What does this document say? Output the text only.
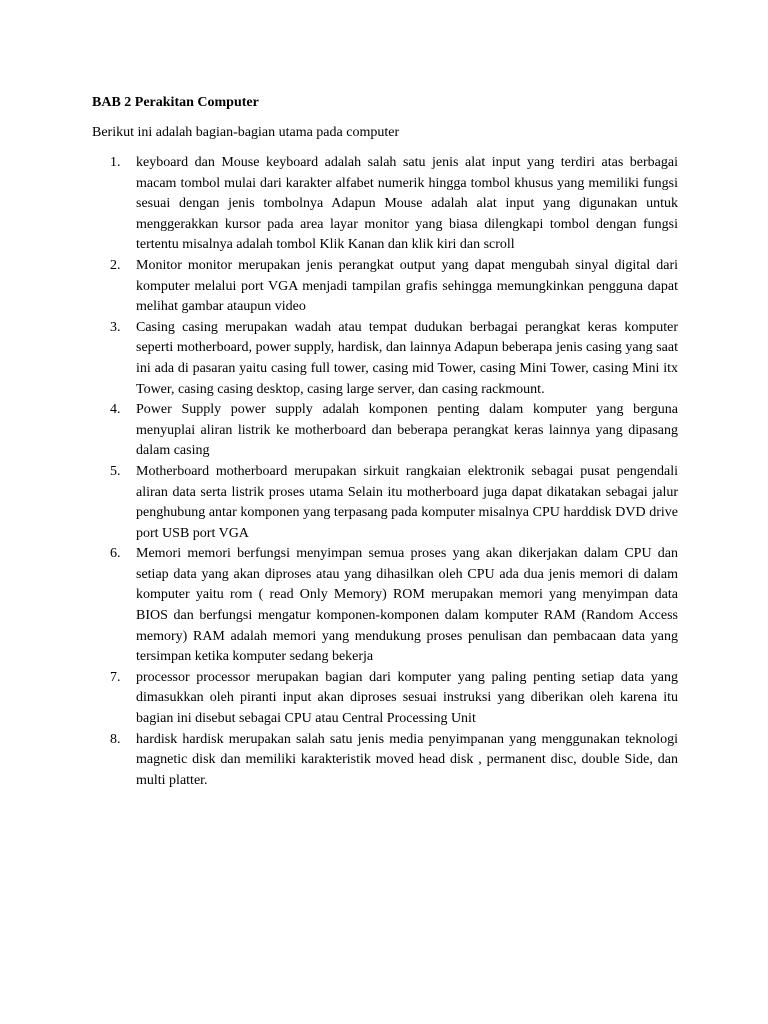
BAB 2 Perakitan Computer
Berikut ini adalah bagian-bagian utama pada computer
1. keyboard dan Mouse keyboard adalah salah satu jenis alat input yang terdiri atas berbagai macam tombol mulai dari karakter alfabet numerik hingga tombol khusus yang memiliki fungsi sesuai dengan jenis tombolnya Adapun Mouse adalah alat input yang digunakan untuk menggerakkan kursor pada area layar monitor yang biasa dilengkapi tombol dengan fungsi tertentu misalnya adalah tombol Klik Kanan dan klik kiri dan scroll
2. Monitor monitor merupakan jenis perangkat output yang dapat mengubah sinyal digital dari komputer melalui port VGA menjadi tampilan grafis sehingga memungkinkan pengguna dapat melihat gambar ataupun video
3. Casing casing merupakan wadah atau tempat dudukan berbagai perangkat keras komputer seperti motherboard, power supply, hardisk, dan lainnya Adapun beberapa jenis casing yang saat ini ada di pasaran yaitu casing full tower, casing mid Tower, casing Mini Tower, casing Mini itx Tower, casing casing desktop, casing large server, dan casing rackmount.
4. Power Supply power supply adalah komponen penting dalam komputer yang berguna menyuplai aliran listrik ke motherboard dan beberapa perangkat keras lainnya yang dipasang dalam casing
5. Motherboard motherboard merupakan sirkuit rangkaian elektronik sebagai pusat pengendali aliran data serta listrik proses utama Selain itu motherboard juga dapat dikatakan sebagai jalur penghubung antar komponen yang terpasang pada komputer misalnya CPU harddisk DVD drive port USB port VGA
6. Memori memori berfungsi menyimpan semua proses yang akan dikerjakan dalam CPU dan setiap data yang akan diproses atau yang dihasilkan oleh CPU ada dua jenis memori di dalam komputer yaitu rom ( read Only Memory) ROM merupakan memori yang menyimpan data BIOS dan berfungsi mengatur komponen-komponen dalam komputer RAM (Random Access memory) RAM adalah memori yang mendukung proses penulisan dan pembacaan data yang tersimpan ketika komputer sedang bekerja
7. processor processor merupakan bagian dari komputer yang paling penting setiap data yang dimasukkan oleh piranti input akan diproses sesuai instruksi yang diberikan oleh karena itu bagian ini disebut sebagai CPU atau Central Processing Unit
8. hardisk hardisk merupakan salah satu jenis media penyimpanan yang menggunakan teknologi magnetic disk dan memiliki karakteristik moved head disk , permanent disc, double Side, dan multi platter.
